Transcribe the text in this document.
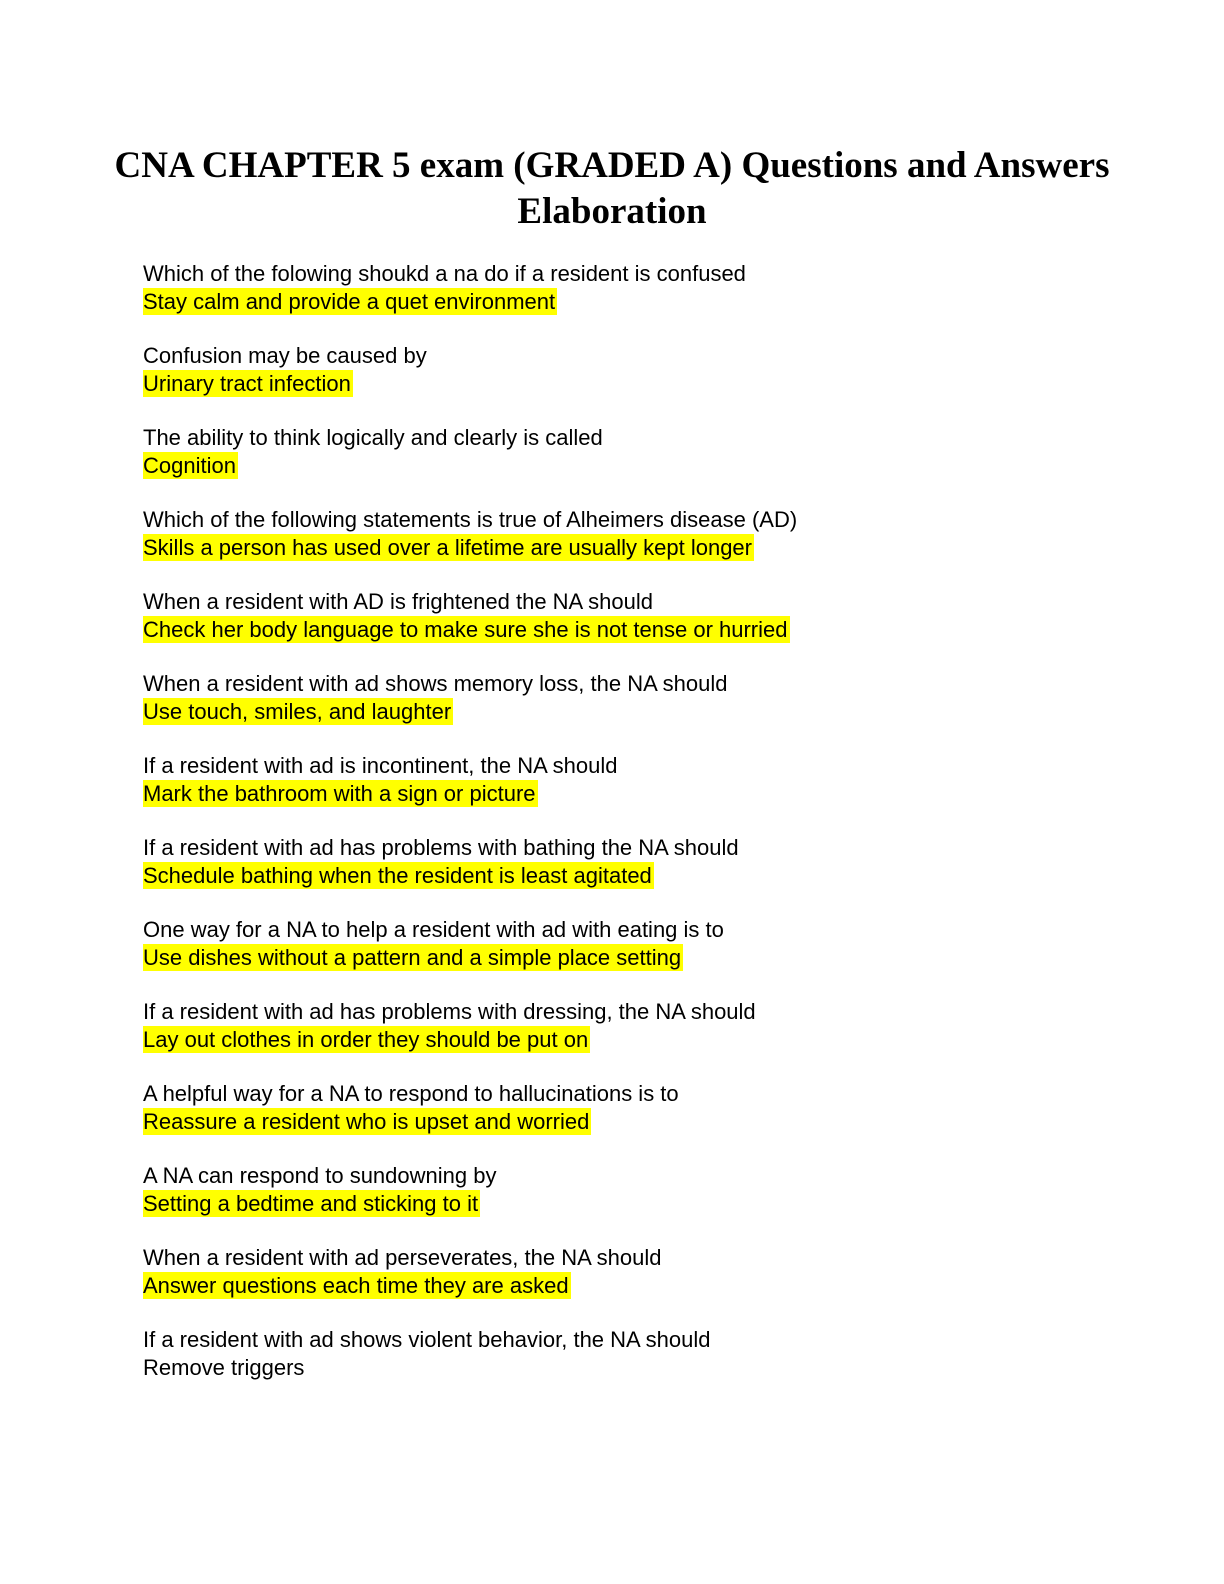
CNA CHAPTER 5 exam (GRADED A) Questions and Answers Elaboration
Which of the folowing shoukd a na do if a resident is confused
Stay calm and provide a quet environment
Confusion may be caused by
Urinary tract infection
The ability to think logically and clearly is called
Cognition
Which of the following statements is true of Alheimers disease (AD)
Skills a person has used over a lifetime are usually kept longer
When a resident with AD is frightened the NA should
Check her body language to make sure she is not tense or hurried
When a resident with ad shows memory loss, the NA should
Use touch, smiles, and laughter
If a resident with ad is incontinent, the NA should
Mark the bathroom with a sign or picture
If a resident with ad has problems with bathing the NA should
Schedule bathing when the resident is least agitated
One way for a NA to help a resident with ad with eating is to
Use dishes without a pattern and a simple place setting
If a resident with ad has problems with dressing, the NA should
Lay out clothes in order they should be put on
A helpful way for a NA to respond to hallucinations is to
Reassure a resident who is upset and worried
A NA can respond to sundowning by
Setting a bedtime and sticking to it
When a resident with ad perseverates, the NA should
Answer questions each time they are asked
If a resident with ad shows violent behavior, the NA should
Remove triggers
